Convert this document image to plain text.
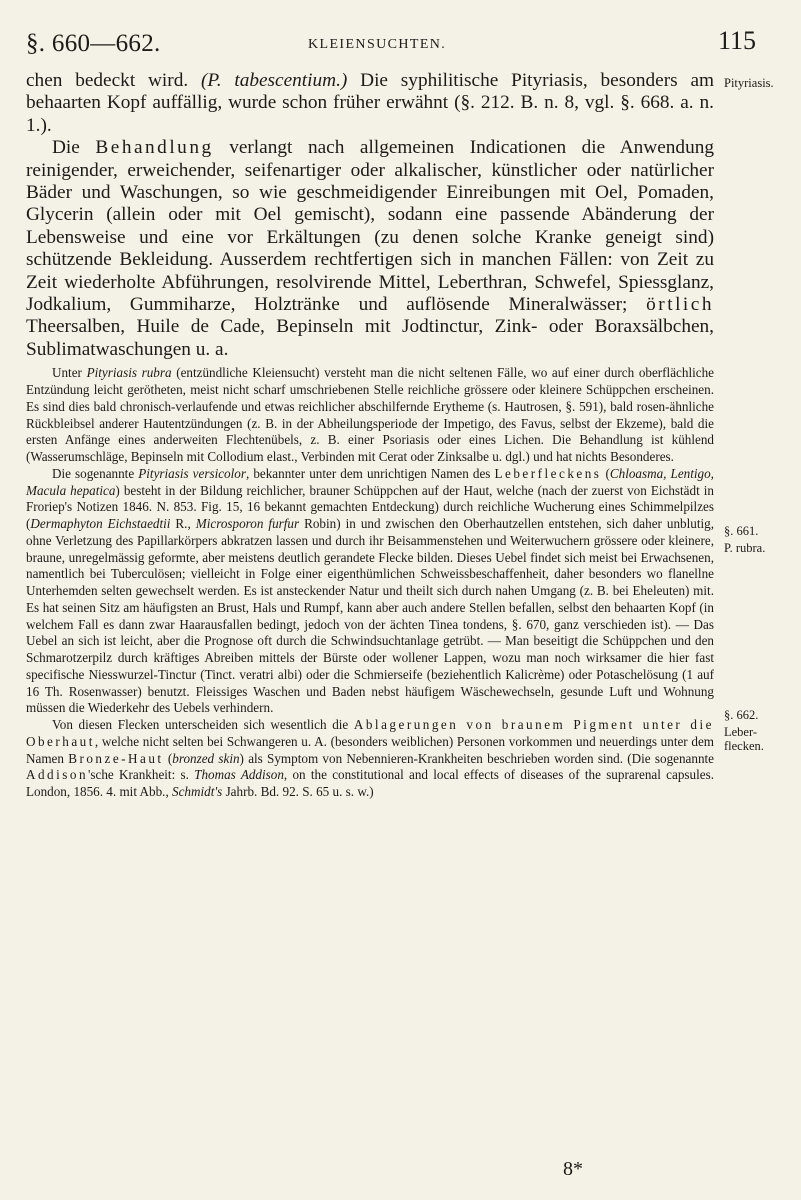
§. 660—662.	KLEIENSUCHTEN.	115
Pityriasis.
§. 661.
P. rubra.
§. 662.
Leber-
flecken.

chen bedeckt wird. (P. tabescentium.) Die syphilitische Pityriasis, besonders am behaarten Kopf auffällig, wurde schon früher erwähnt (§. 212. B. n. 8, vgl. §. 668. a. n. 1.).

Die Behandlung verlangt nach allgemeinen Indicationen die Anwendung reinigender, erweichender, seifenartiger oder alkalischer, künstlicher oder natürlicher Bäder und Waschungen, so wie geschmeidigender Einreibungen mit Oel, Pomaden, Glycerin (allein oder mit Oel gemischt), sodann eine passende Abänderung der Lebensweise und eine vor Erkältungen (zu denen solche Kranke geneigt sind) schützende Bekleidung. Ausserdem rechtfertigen sich in manchen Fällen: von Zeit zu Zeit wiederholte Abführungen, resolvirende Mittel, Leberthran, Schwefel, Spiessglanz, Jodkalium, Gummiharze, Holztränke und auflösende Mineralwässer; örtlich Theersalben, Huile de Cade, Bepinseln mit Jodtinctur, Zink- oder Boraxsälbchen, Sublimatwaschungen u. a.

Unter Pityriasis rubra (entzündliche Kleiensucht) versteht man die nicht seltenen Fälle, wo auf einer durch oberflächliche Entzündung leicht gerötheten, meist nicht scharf umschriebenen Stelle reichliche grössere oder kleinere Schüppchen erscheinen. Es sind dies bald chronisch-verlaufende und etwas reichlicher abschilfernde Erytheme (s. Hautrosen, §. 591), bald rosen-ähnliche Rückbleibsel anderer Hautentzündungen (z. B. in der Abheilungsperiode der Impetigo, des Favus, selbst der Ekzeme), bald die ersten Anfänge eines anderweiten Flechtenübels, z. B. einer Psoriasis oder eines Lichen. Die Behandlung ist kühlend (Wasserumschläge, Bepinseln mit Collodium elast., Verbinden mit Cerat oder Zinksalbe u. dgl.) und hat nichts Besonderes.

Die sogenannte Pityriasis versicolor, bekannter unter dem unrichtigen Namen des Leberfleckens (Chloasma, Lentigo, Macula hepatica) besteht in der Bildung reichlicher, brauner Schüppchen auf der Haut, welche (nach der zuerst von Eichstädt in Froriep's Notizen 1846. N. 853. Fig. 15, 16 bekannt gemachten Entdeckung) durch reichliche Wucherung eines Schimmelpilzes (Dermaphyton Eichstaedtii R., Microsporon furfur Robin) in und zwischen den Oberhautzellen entstehen, sich daher unblutig, ohne Verletzung des Papillarkörpers abkratzen lassen und durch ihr Beisammenstehen und Weiterwuchern grössere oder kleinere, braune, unregelmässig geformte, aber meistens deutlich gerandete Flecke bilden. Dieses Uebel findet sich meist bei Erwachsenen, namentlich bei Tuberculösen; vielleicht in Folge einer eigenthümlichen Schweissbeschaffenheit, daher besonders wo flanellne Unterhemden selten gewechselt werden. Es ist ansteckender Natur und theilt sich durch nahen Umgang (z. B. bei Eheleuten) mit. Es hat seinen Sitz am häufigsten an Brust, Hals und Rumpf, kann aber auch andere Stellen befallen, selbst den behaarten Kopf (in welchem Fall es dann zwar Haarausfallen bedingt, jedoch von der ächten Tinea tondens, §. 670, ganz verschieden ist). — Das Uebel an sich ist leicht, aber die Prognose oft durch die Schwindsuchtanlage getrübt. — Man beseitigt die Schüppchen und den Schmarotzerpilz durch kräftiges Abreiben mittels der Bürste oder wollener Lappen, wozu man noch wirksamer die hier fast specifische Niesswurzel-Tinctur (Tinct. veratri albi) oder die Schmierseife (beziehentlich Kalicrème) oder Potaschelösung (1 auf 16 Th. Rosenwasser) benutzt. Fleissiges Waschen und Baden nebst häufigem Wäschewechseln, gesunde Luft und Wohnung müssen die Wiederkehr des Uebels verhindern.

Von diesen Flecken unterscheiden sich wesentlich die Ablagerungen von braunem Pigment unter die Oberhaut, welche nicht selten bei Schwangeren u. A. (besonders weiblichen) Personen vorkommen und neuerdings unter dem Namen Bronze-Haut (bronzed skin) als Symptom von Nebennieren-Krankheiten beschrieben worden sind. (Die sogenannte Addison'sche Krankheit: s. Thomas Addison, on the constitutional and local effects of diseases of the suprarenal capsules. London, 1856. 4. mit Abb., Schmidt's Jahrb. Bd. 92. S. 65 u. s. w.)

8*
